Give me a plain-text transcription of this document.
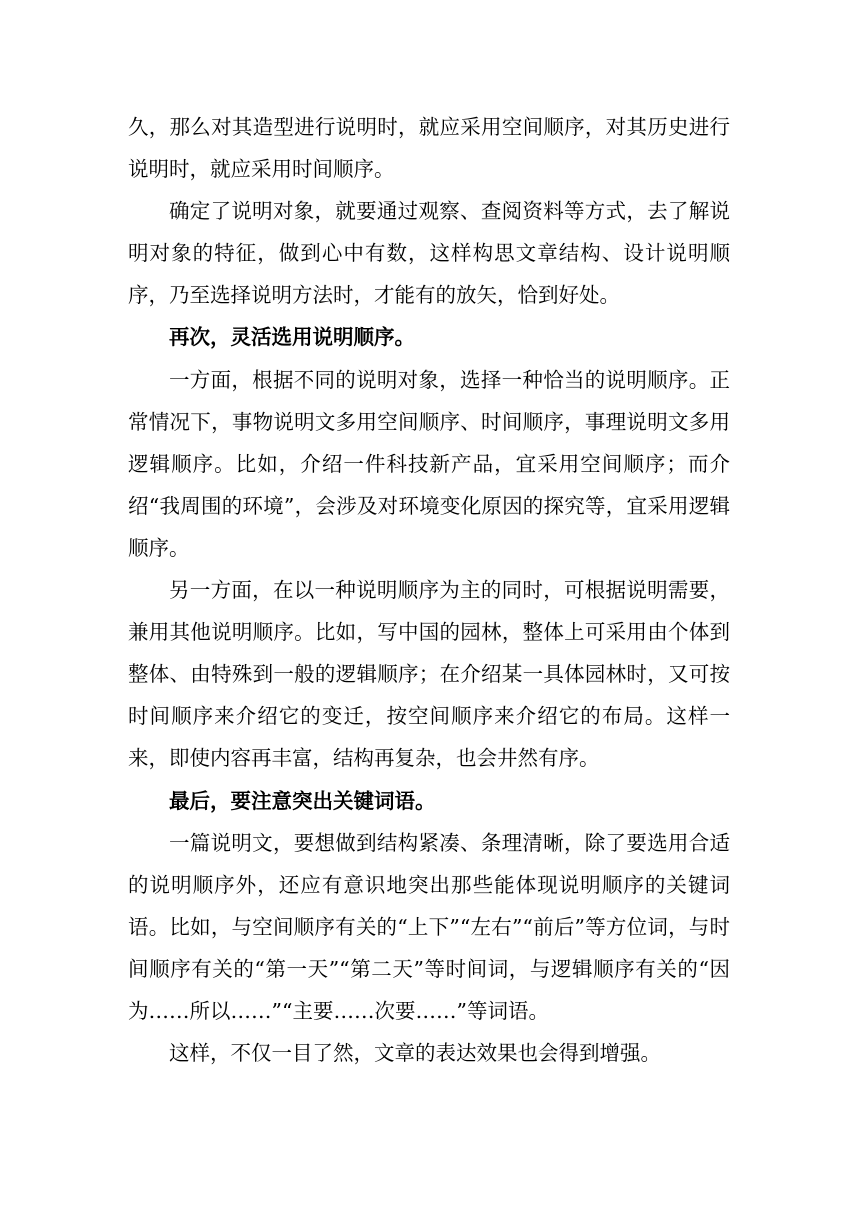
久，那么对其造型进行说明时，就应采用空间顺序，对其历史进行说明时，就应采用时间顺序。

确定了说明对象，就要通过观察、查阅资料等方式，去了解说明对象的特征，做到心中有数，这样构思文章结构、设计说明顺序，乃至选择说明方法时，才能有的放矢，恰到好处。

再次，灵活选用说明顺序。

一方面，根据不同的说明对象，选择一种恰当的说明顺序。正常情况下，事物说明文多用空间顺序、时间顺序，事理说明文多用逻辑顺序。比如，介绍一件科技新产品，宜采用空间顺序；而介绍“我周围的环境”，会涉及对环境变化原因的探究等，宜采用逻辑顺序。

另一方面，在以一种说明顺序为主的同时，可根据说明需要，兼用其他说明顺序。比如，写中国的园林，整体上可采用由个体到整体、由特殊到一般的逻辑顺序；在介绍某一具体园林时，又可按时间顺序来介绍它的变迁，按空间顺序来介绍它的布局。这样一来，即使内容再丰富，结构再复杂，也会井然有序。

最后，要注意突出关键词语。

一篇说明文，要想做到结构紧凑、条理清晰，除了要选用合适的说明顺序外，还应有意识地突出那些能体现说明顺序的关键词语。比如，与空间顺序有关的“上下”“左右”“前后”等方位词，与时间顺序有关的“第一天”“第二天”等时间词，与逻辑顺序有关的“因为……所以……”“主要……次要……”等词语。

这样，不仅一目了然，文章的表达效果也会得到增强。
